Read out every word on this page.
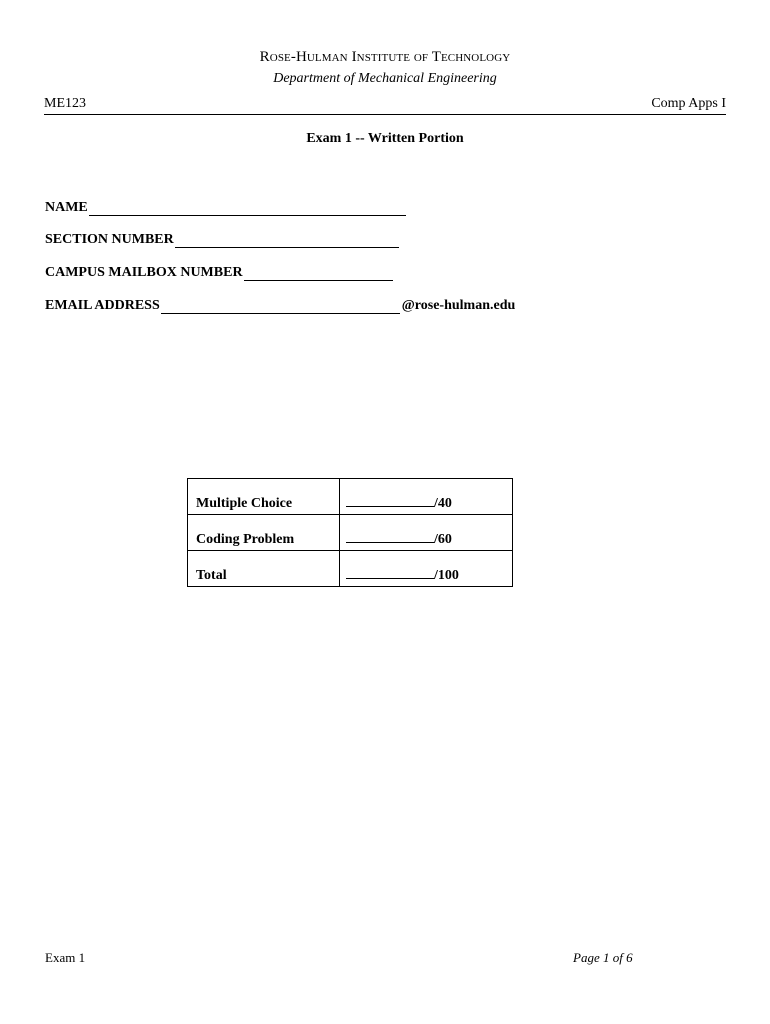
Rose-Hulman Institute of Technology
Department of Mechanical Engineering
ME123	Comp Apps I
Exam 1 -- Written Portion
NAME
SECTION NUMBER
CAMPUS MAILBOX NUMBER
EMAIL ADDRESS	@rose-hulman.edu
Multiple Choice	/40
Coding Problem	/60
Total	/100
Exam 1	Page 1 of 6
